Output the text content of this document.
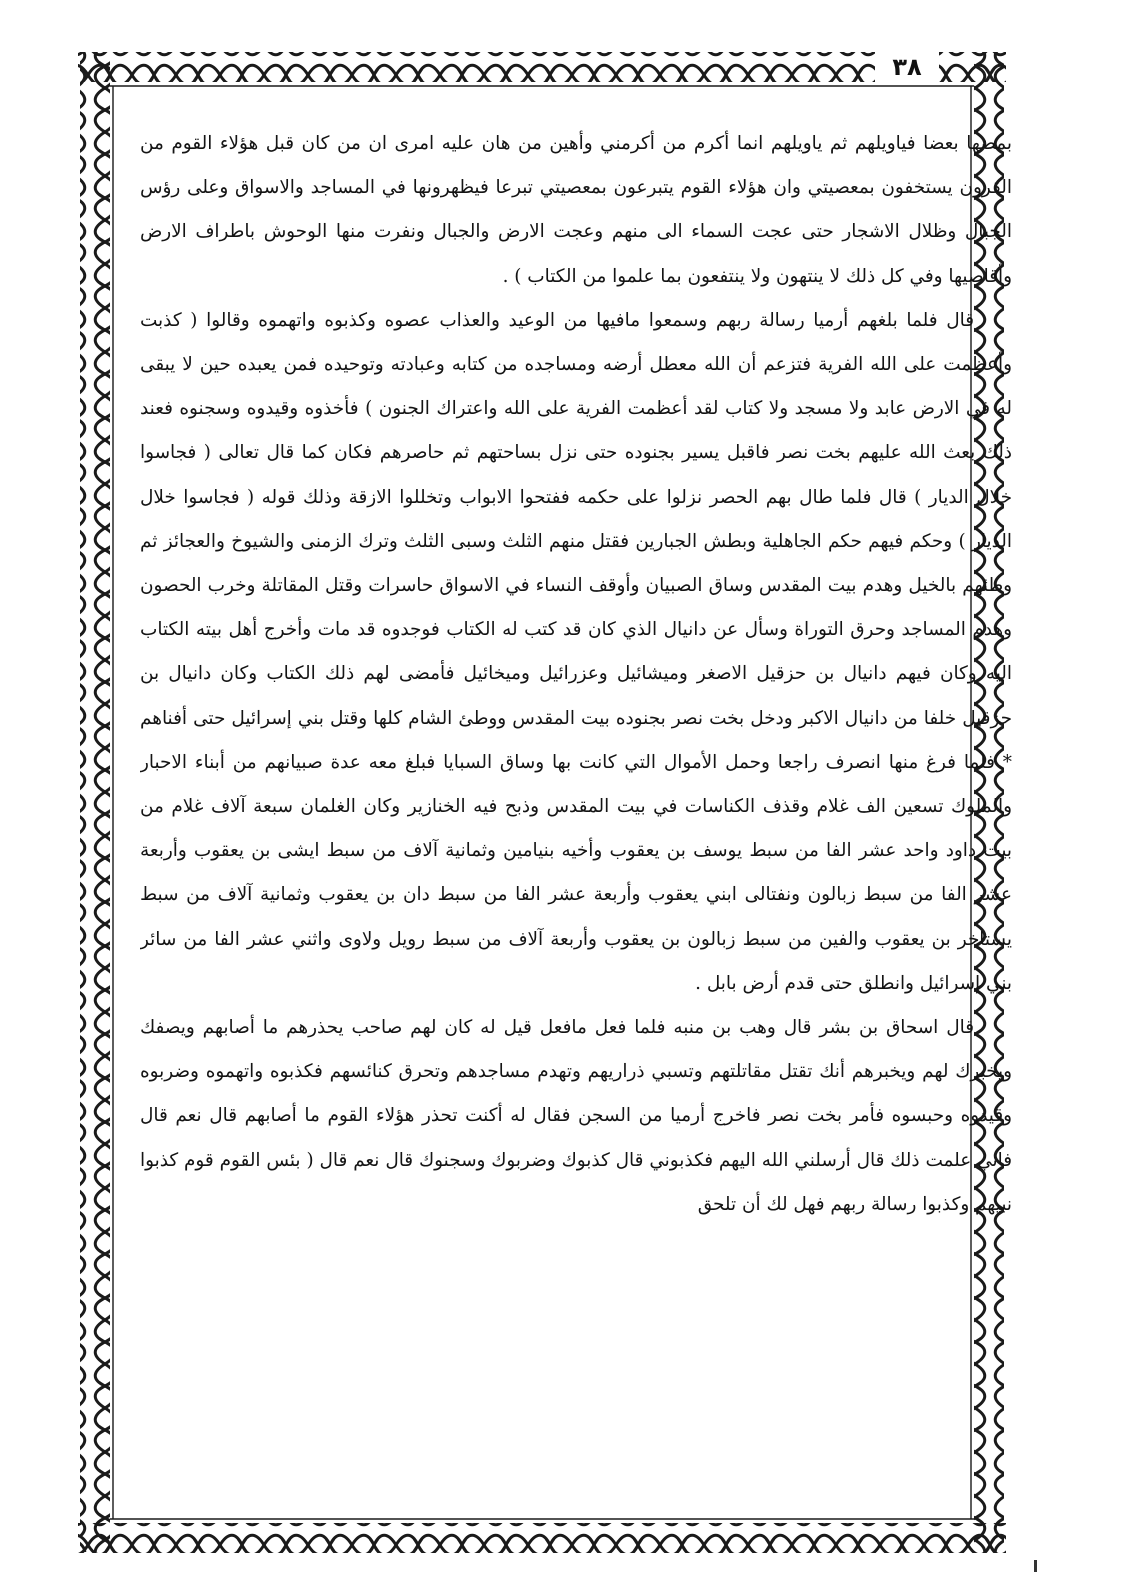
٣٨

بمضها بعضا فياويلهم ثم ياويلهم انما أكرم من أكرمني وأهين من هان عليه امرى ان من كان قبل هؤلاء القوم من القرون يستخفون بمعصيتي وان هؤلاء القوم يتبرعون بمعصيتي تبرعا فيظهرونها في المساجد والاسواق وعلى رؤس الجبال وظلال الاشجار حتى عجت السماء الى منهم وعجت الارض والجبال ونفرت منها الوحوش باطراف الارض وأقاصيها وفي كل ذلك لا ينتهون ولا ينتفعون بما علموا من الكتاب ) .

قال فلما بلغهم أرميا رسالة ربهم وسمعوا مافيها من الوعيد والعذاب عصوه وكذبوه واتهموه وقالوا ( كذبت وأعظمت على الله الفرية فتزعم أن الله معطل أرضه ومساجده من كتابه وعبادته وتوحيده فمن يعبده حين لا يبقى له في الارض عابد ولا مسجد ولا كتاب لقد أعظمت الفرية على الله واعتراك الجنون ) فأخذوه وقيدوه وسجنوه فعند ذلك بعث الله عليهم بخت نصر فاقبل يسير بجنوده حتى نزل بساحتهم ثم حاصرهم فكان كما قال تعالى ( فجاسوا خلال الديار ) قال فلما طال بهم الحصر نزلوا على حكمه ففتحوا الابواب وتخللوا الازقة وذلك قوله ( فجاسوا خلال الديار ) وحكم فيهم حكم الجاهلية وبطش الجبارين فقتل منهم الثلث وسبى الثلث وترك الزمنى والشيوخ والعجائز ثم وطئهم بالخيل وهدم بيت المقدس وساق الصبيان وأوقف النساء في الاسواق حاسرات وقتل المقاتلة وخرب الحصون وهدم المساجد وحرق التوراة وسأل عن دانيال الذي كان قد كتب له الكتاب فوجدوه قد مات وأخرج أهل بيته الكتاب اليه وكان فيهم دانيال بن حزقيل الاصغر وميشائيل وعزرائيل وميخائيل فأمضى لهم ذلك الكتاب وكان دانيال بن حزقيل خلفا من دانيال الاكبر ودخل بخت نصر بجنوده بيت المقدس ووطئ الشام كلها وقتل بني إسرائيل حتى أفناهم * فلما فرغ منها انصرف راجعا وحمل الأموال التي كانت بها وساق السبايا فبلغ معه عدة صبيانهم من أبناء الاحبار والملوك تسعين الف غلام وقذف الكناسات في بيت المقدس وذبح فيه الخنازير وكان الغلمان سبعة آلاف غلام من بيت داود واحد عشر الفا من سبط يوسف بن يعقوب وأخيه بنيامين وثمانية آلاف من سبط ايشى بن يعقوب وأربعة عشر الفا من سبط زبالون ونفتالى ابني يعقوب وأربعة عشر الفا من سبط دان بن يعقوب وثمانية آلاف من سبط يستاخر بن يعقوب والفين من سبط زبالون بن يعقوب وأربعة آلاف من سبط رويل ولاوى واثني عشر الفا من سائر بني إسرائيل وانطلق حتى قدم أرض بابل .

قال اسحاق بن بشر قال وهب بن منبه فلما فعل مافعل قيل له كان لهم صاحب يحذرهم ما أصابهم ويصفك ويخبرك لهم ويخبرهم أنك تقتل مقاتلتهم وتسبي ذراريهم وتهدم مساجدهم وتحرق كنائسهم فكذبوه واتهموه وضربوه وقيدوه وحبسوه فأمر بخت نصر فاخرج أرميا من السجن فقال له أكنت تحذر هؤلاء القوم ما أصابهم قال نعم قال فاني علمت ذلك قال أرسلني الله اليهم فكذبوني قال كذبوك وضربوك وسجنوك قال نعم قال ( بئس القوم قوم كذبوا نبيهم وكذبوا رسالة ربهم فهل لك أن تلحق
